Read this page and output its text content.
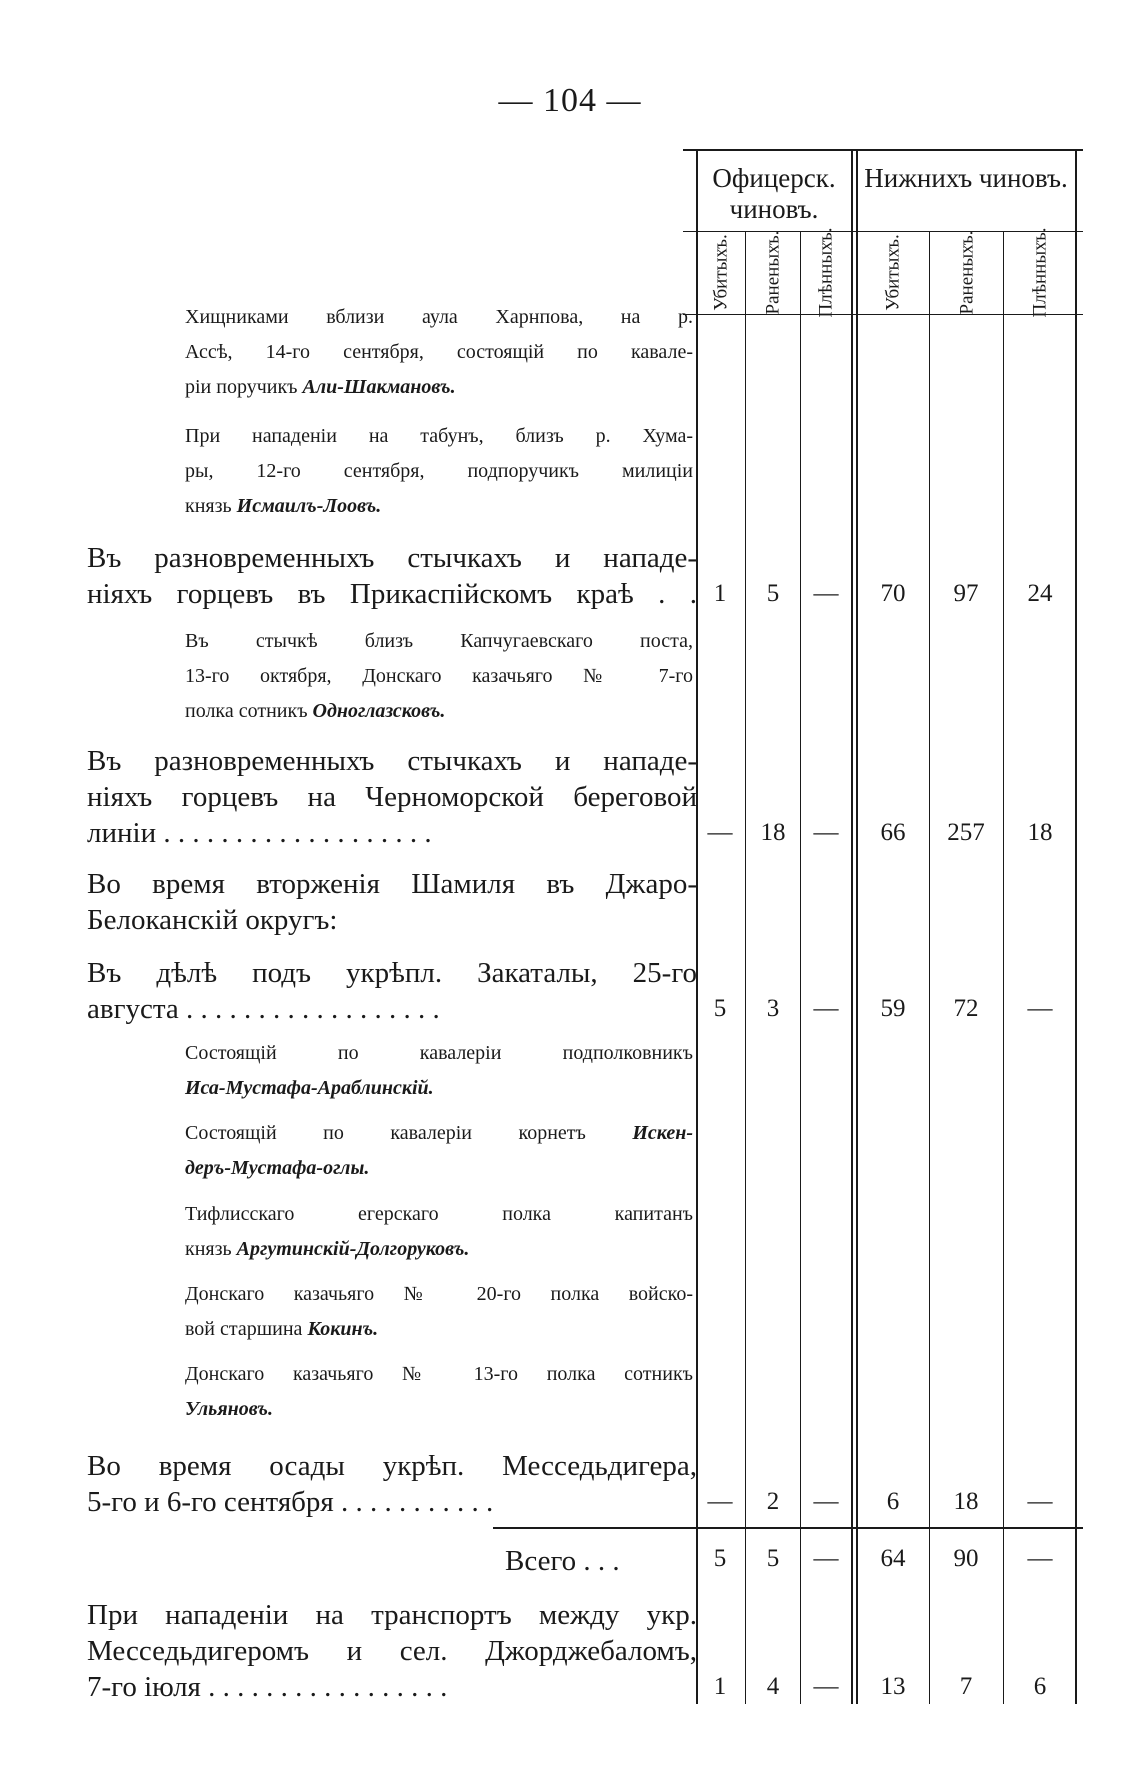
— 104 —
Офицерск. чиновъ.
Нижнихъ чиновъ.
Убитыхъ. Раненыхъ. Плѣнныхъ. Убитыхъ.	Раненыхъ.	Плѣнныхъ.
Хищниками вблизи аула Харнпова, на р.
Ассѣ, 14-го сентября, состоящій по кавале-
ріи поручикъ Али-Шакмановъ.
При нападеніи на табунъ, близъ р. Хума-
ры, 12-го сентября, подпоручикъ милиціи
князь Исмаилъ-Лоовъ.
Въ разновременныхъ стычкахъ и нападе-
ніяхъ горцевъ въ Прикаспійскомъ краѣ . . 1	5	—	70	97	24
Въ стычкѣ близъ Капчугаевскаго поста,
13-го октября, Донскаго казачьяго № 7-го
полка сотникъ Одноглазсковъ.
Въ разновременныхъ стычкахъ и нападе-
ніяхъ горцевъ на Черноморской береговой
линіи . . . . . . . . . . . . . . . . . . .	—	18	—	66	257	18
Во время вторженія Шамиля въ Джаро-
Белоканскій округъ:
Въ дѣлѣ подъ укрѣпл. Закаталы, 25-го
августа . . . . . . . . . . . . . . . . . .	5	3	—	59	72	—
Состоящій по кавалеріи подполковникъ
Иса-Мустафа-Араблинскій.
Состоящій по кавалеріи корнетъ Искен-
деръ-Мустафа-оглы.
Тифлисскаго егерскаго полка капитанъ
князь Аргутинскій-Долгоруковъ.
Донскаго казачьяго № 20-го полка войско-
вой старшина Кокинъ.
Донскаго казачьяго № 13-го полка сотникъ
Ульяновъ.
Во время осады укрѣп. Месседьдигера,
5-го и 6-го сентября . . . . . . . . . . .	—	2	—	6	18	—
Всего . . .	5	5	—	64	90	—
При нападеніи на транспортъ между укр.
Месседьдигеромъ и сел. Джорджебаломъ,
7-го іюля . . . . . . . . . . . . . . . . .	1	4	—	13	7	6
